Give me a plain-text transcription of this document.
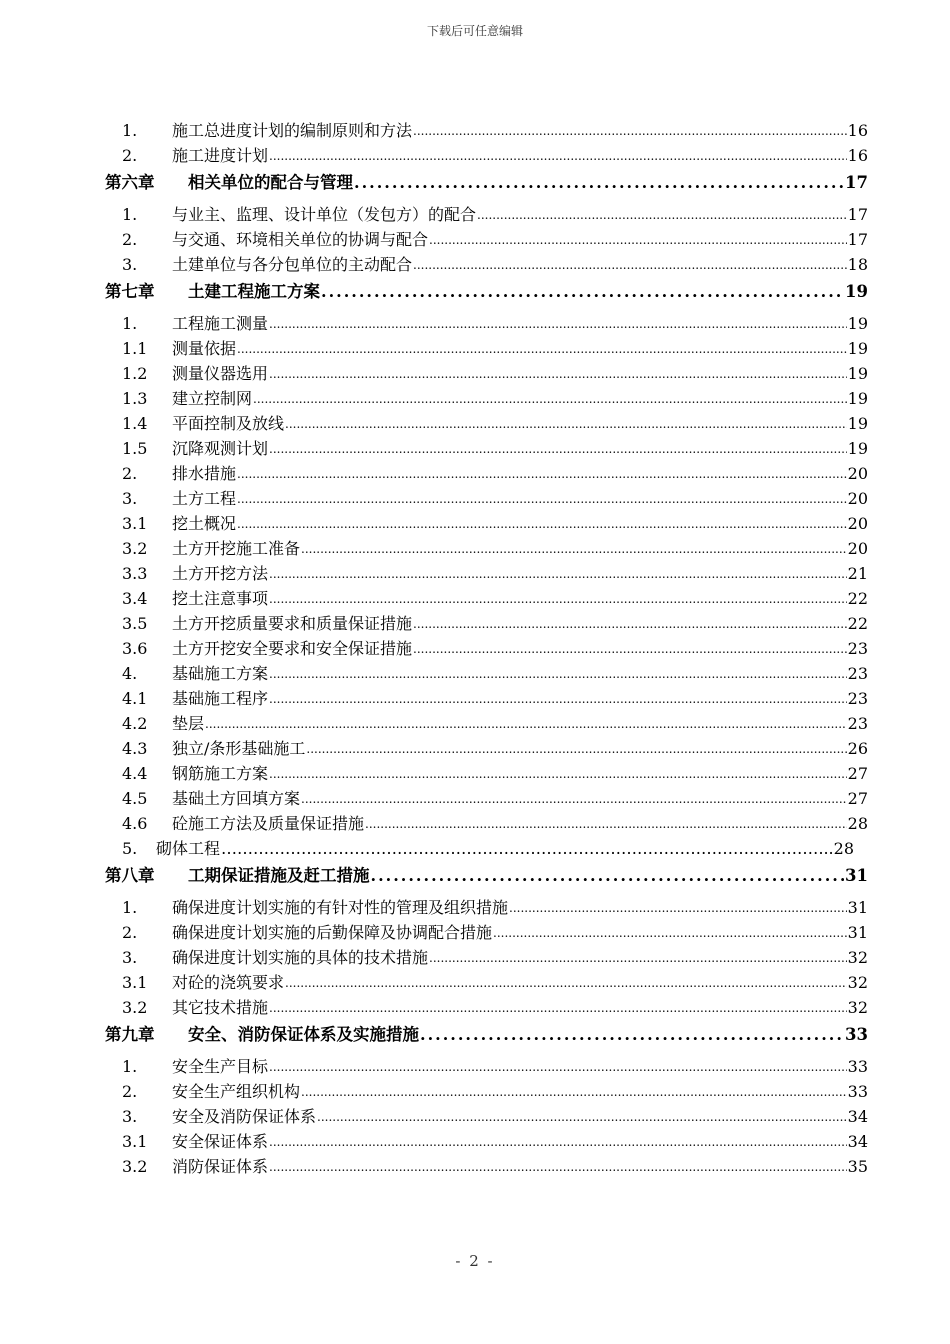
下载后可任意编辑
1.	施工总进度计划的编制原则和方法 .....	16
2.	施工进度计划 .....	16
第六章	相关单位的配合与管理 .....	17
1.	与业主、监理、设计单位（发包方）的配合 .....	17
2.	与交通、环境相关单位的协调与配合 .....	17
3.	土建单位与各分包单位的主动配合 .....	18
第七章	土建工程施工方案 .....	19
1.	工程施工测量 .....	19
1.1	测量依据 .....	19
1.2	测量仪器选用 .....	19
1.3	建立控制网 .....	19
1.4	平面控制及放线 .....	19
1.5	沉降观测计划 .....	19
2.	排水措施 .....	20
3.	土方工程 .....	20
3.1	挖土概况 .....	20
3.2	土方开挖施工准备 .....	20
3.3	土方开挖方法 .....	21
3.4	挖土注意事项 .....	22
3.5	土方开挖质量要求和质量保证措施 .....	22
3.6	土方开挖安全要求和安全保证措施 .....	23
4.	基础施工方案 .....	23
4.1	基础施工程序 .....	23
4.2	垫层 .....	23
4.3	独立/条形基础施工 .....	26
4.4	钢筋施工方案 .....	27
4.5	基础土方回填方案 .....	27
4.6	砼施工方法及质量保证措施 .....	28
5.	砌体工程 ……………………………………………………………………………………………………………………	..28
第八章	工期保证措施及赶工措施 .....	31
1.	确保进度计划实施的有针对性的管理及组织措施 .....	31
2.	确保进度计划实施的后勤保障及协调配合措施 .....	31
3.	确保进度计划实施的具体的技术措施 .....	32
3.1	对砼的浇筑要求 .....	32
3.2	其它技术措施 .....	32
第九章	安全、消防保证体系及实施措施 .....	33
1.	安全生产目标 .....	33
2.	安全生产组织机构 .....	33
3.	安全及消防保证体系 .....	34
3.1	安全保证体系 .....	34
3.2	消防保证体系 .....	35
- 2 -
